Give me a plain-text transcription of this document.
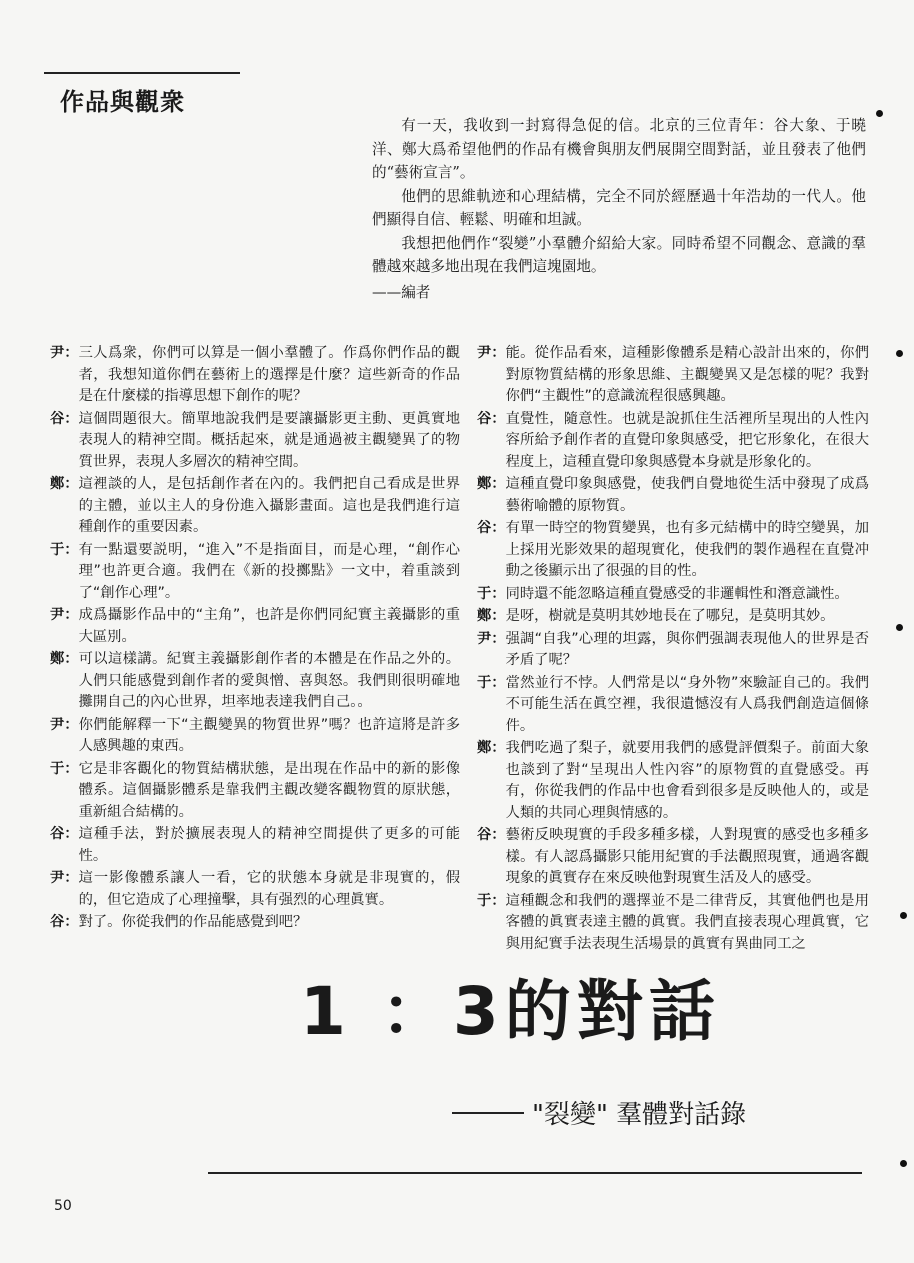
作品與觀衆

有一天，我收到一封寫得急促的信。北京的三位青年：谷大象、于曉洋、鄭大爲希望他們的作品有機會與朋友們展開空間對話，並且發表了他們的“藝術宣言”。

他們的思維軌迹和心理結構，完全不同於經歷過十年浩劫的一代人。他們顯得自信、輕鬆、明確和坦誠。

我想把他們作“裂變”小羣體介紹給大家。同時希望不同觀念、意識的羣體越來越多地出現在我們這塊園地。

——編者

尹： 三人爲衆，你們可以算是一個小羣體了。作爲你們作品的觀者，我想知道你們在藝術上的選擇是什麼？這些新奇的作品是在什麼樣的指導思想下創作的呢？
谷： 這個問題很大。簡單地說我們是要讓攝影更主動、更眞實地表現人的精神空間。概括起來，就是通過被主觀變異了的物質世界，表現人多層次的精神空間。
鄭： 這裡談的人，是包括創作者在內的。我們把自己看成是世界的主體，並以主人的身份進入攝影畫面。這也是我們進行這種創作的重要因素。
于： 有一點還要説明，“進入”不是指面目，而是心理，“創作心理”也許更合適。我們在《新的投擲點》一文中，着重談到了“創作心理”。
尹： 成爲攝影作品中的“主角”，也許是你們同紀實主義攝影的重大區別。
鄭： 可以這樣講。紀實主義攝影創作者的本體是在作品之外的。人們只能感覺到創作者的愛與憎、喜與怒。我們則很明確地攤開自己的內心世界，坦率地表達我們自己。。
尹： 你們能解釋一下“主觀變異的物質世界”嗎？也許這將是許多人感興趣的東西。
于： 它是非客觀化的物質結構狀態，是出現在作品中的新的影像體系。這個攝影體系是靠我們主觀改變客觀物質的原狀態，重新組合結構的。
谷： 這種手法，對於擴展表現人的精神空間提供了更多的可能性。
尹： 這一影像體系讓人一看，它的狀態本身就是非現實的，假的，但它造成了心理撞擊，具有强烈的心理眞實。
谷： 對了。你從我們的作品能感覺到吧？
尹： 能。從作品看來，這種影像體系是精心設計出來的，你們對原物質結構的形象思維、主觀變異又是怎樣的呢？我對你們“主觀性”的意識流程很感興趣。
谷： 直覺性，隨意性。也就是說抓住生活裡所呈現出的人性內容所給予創作者的直覺印象與感受，把它形象化，在很大程度上，這種直覺印象與感覺本身就是形象化的。
鄭： 這種直覺印象與感覺，使我們自覺地從生活中發現了成爲藝術喻體的原物質。
谷： 有單一時空的物質變異，也有多元結構中的時空變異，加上採用光影效果的超現實化，使我們的製作過程在直覺冲動之後顯示出了很强的目的性。
于： 同時還不能忽略這種直覺感受的非邏輯性和潛意識性。
鄭： 是呀，樹就是莫明其妙地長在了哪兒，是莫明其妙。
尹： 强調“自我”心理的坦露，與你們强調表現他人的世界是否矛盾了呢？
于： 當然並行不悖。人們常是以“身外物”來驗証自己的。我們不可能生活在眞空裡，我很遺憾沒有人爲我們創造這個條件。
鄭： 我們吃過了梨子，就要用我們的感覺評價梨子。前面大象也談到了對“呈現出人性內容”的原物質的直覺感受。再有，你從我們的作品中也會看到很多是反映他人的，或是人類的共同心理與情感的。
谷： 藝術反映現實的手段多種多樣，人對現實的感受也多種多樣。有人認爲攝影只能用紀實的手法觀照現實，通過客觀現象的眞實存在來反映他對現實生活及人的感受。
于： 這種觀念和我們的選擇並不是二律背反，其實他們也是用客體的眞實表達主體的眞實。我們直接表現心理眞實，它與用紀實手法表現生活場景的眞實有異曲同工之
1 ：3的對話
"裂變" 羣體對話錄
50
